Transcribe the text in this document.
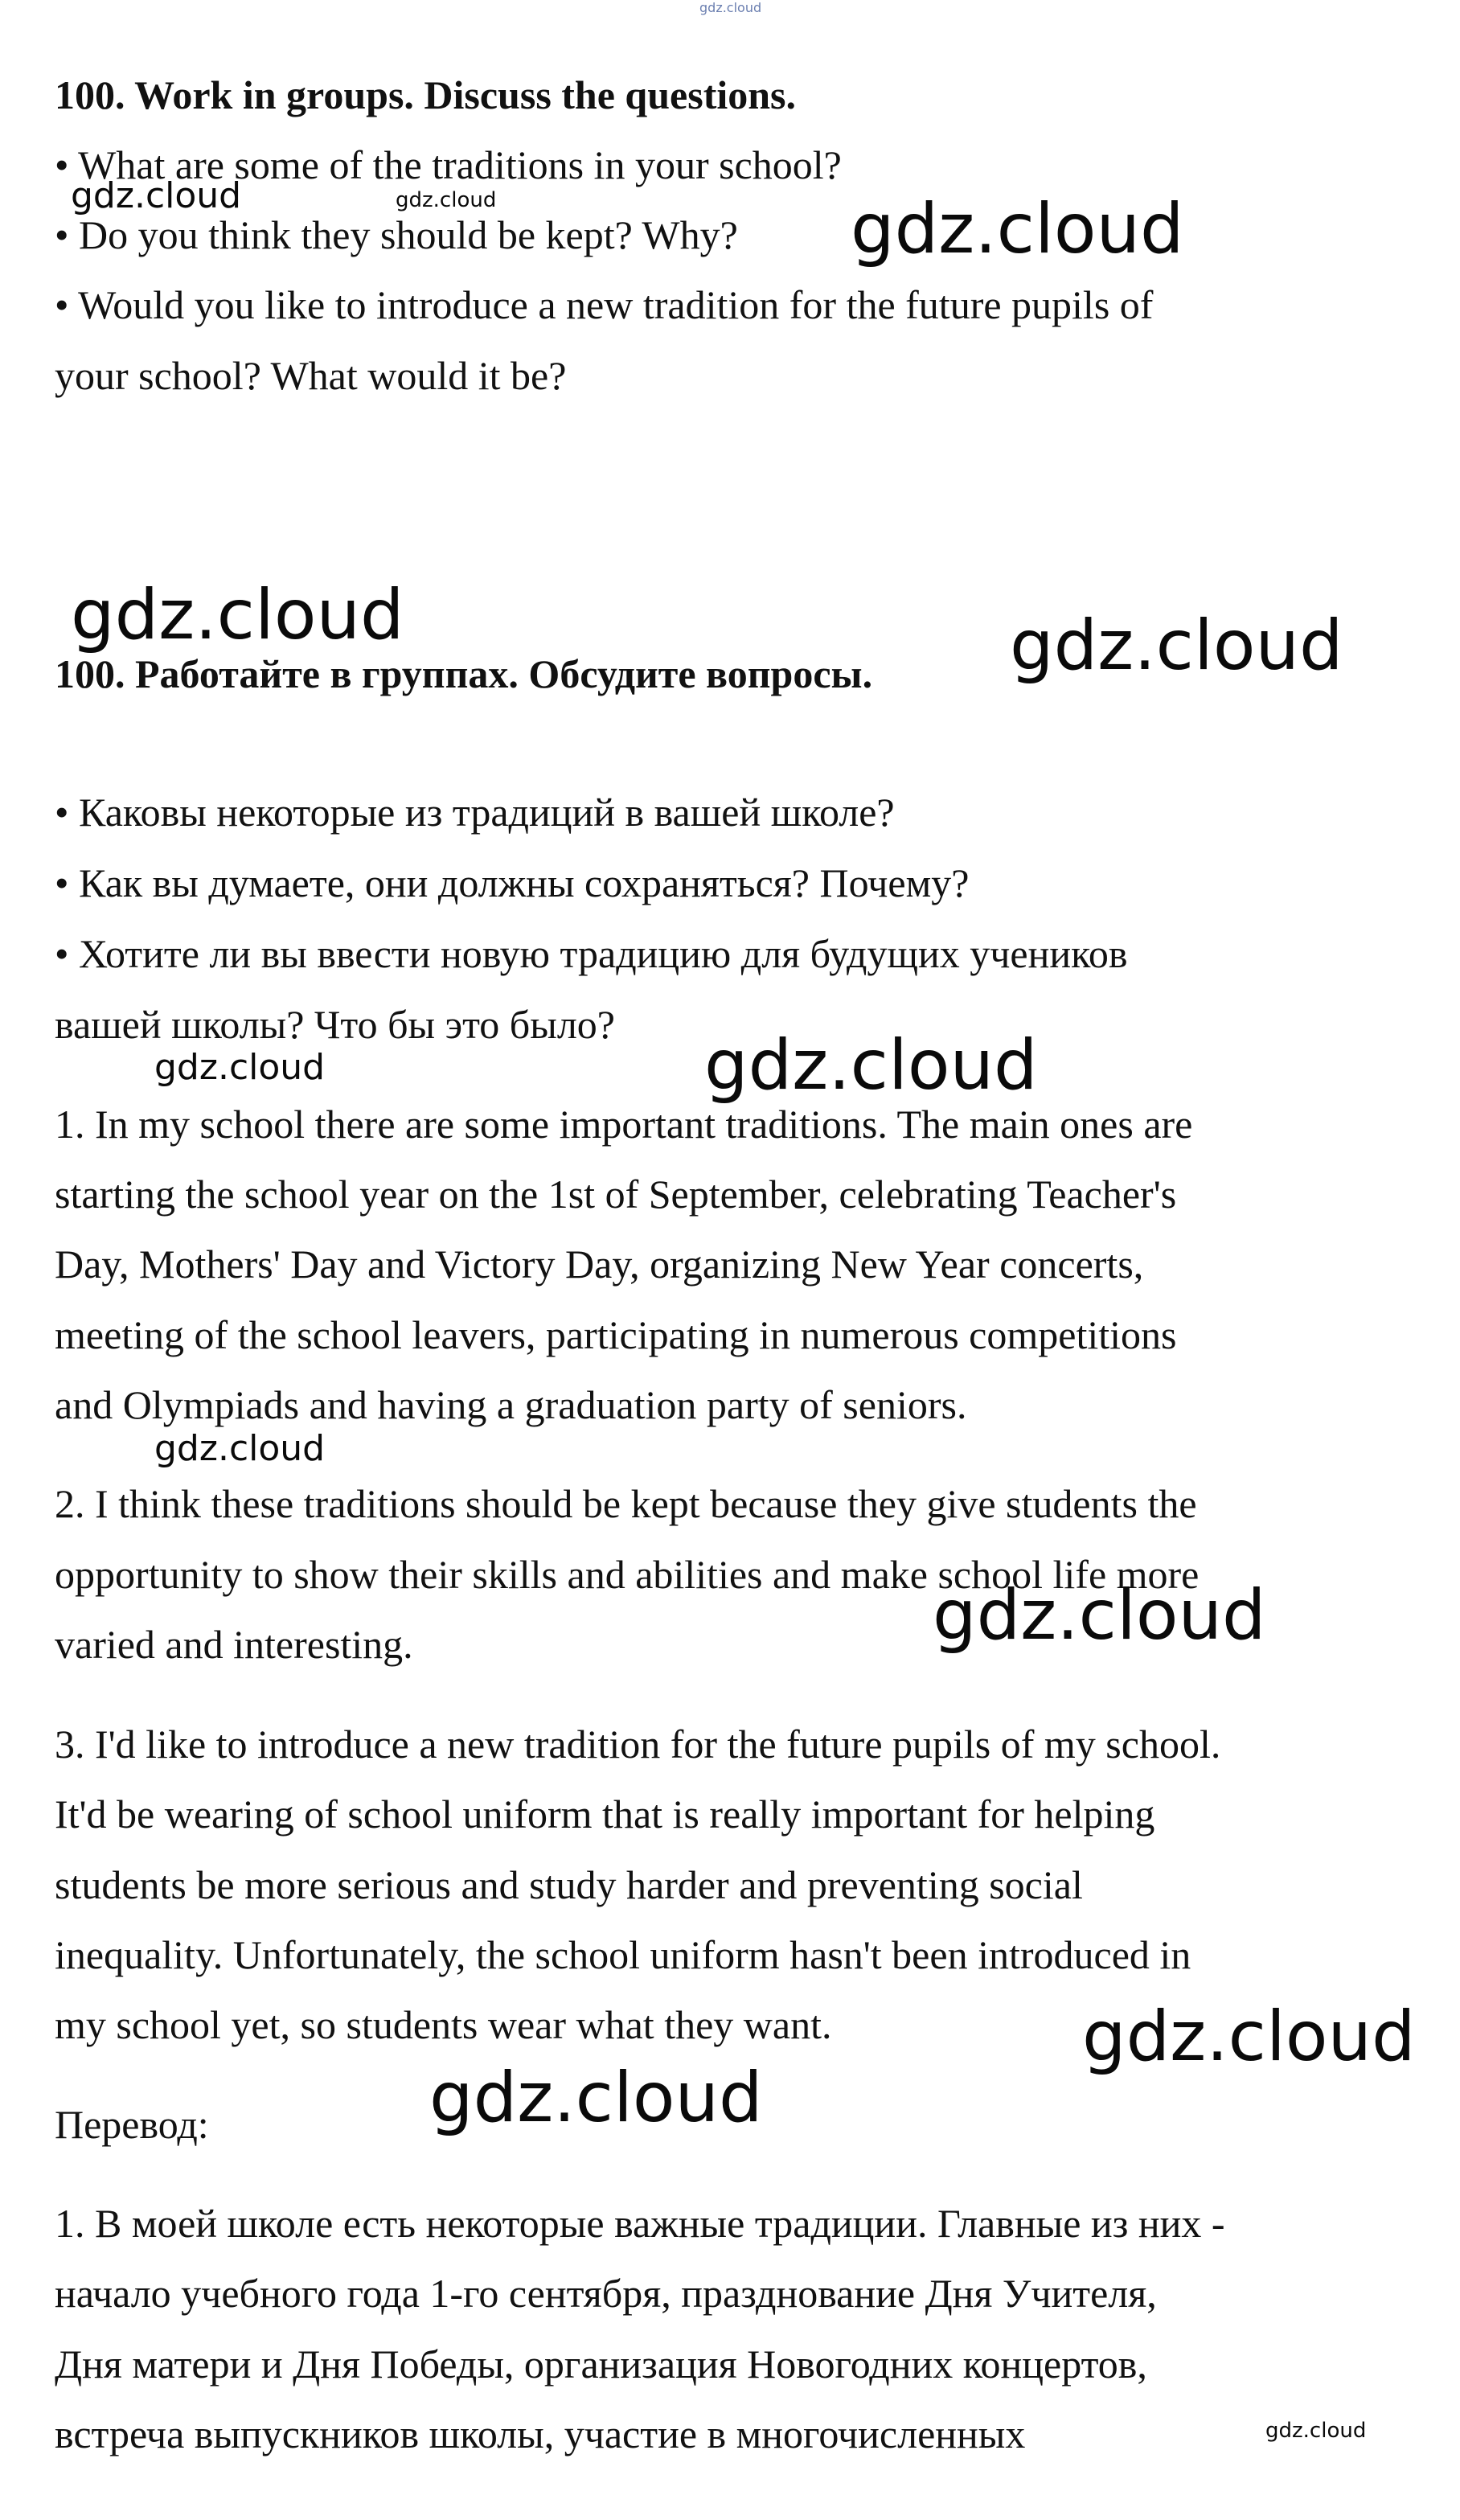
100. Work in groups. Discuss the questions.
• What are some of the traditions in your school?
• Do you think they should be kept? Why?
• Would you like to introduce a new tradition for the future pupils of
your school? What would it be?
100. Работайте в группах. Обсудите вопросы.
• Каковы некоторые из традиций в вашей школе?
• Как вы думаете, они должны сохраняться? Почему?
• Хотите ли вы ввести новую традицию для будущих учеников
вашей школы? Что бы это было?
1. In my school there are some important traditions. The main ones are
starting the school year on the 1st of September, celebrating Teacher's
Day, Mothers' Day and Victory Day, organizing New Year concerts,
meeting of the school leavers, participating in numerous competitions
and Olympiads and having a graduation party of seniors.
2. I think these traditions should be kept because they give students the
opportunity to show their skills and abilities and make school life more
varied and interesting.
3. I'd like to introduce a new tradition for the future pupils of my school.
It'd be wearing of school uniform that is really important for helping
students be more serious and study harder and preventing social
inequality. Unfortunately, the school uniform hasn't been introduced in
my school yet, so students wear what they want.
Перевод:
1. В моей школе есть некоторые важные традиции. Главные из них -
начало учебного года 1-го сентября, празднование Дня Учителя,
Дня матери и Дня Победы, организация Новогодних концертов,
встреча выпускников школы, участие в многочисленных
gdz.cloud
gdz.cloud	gdz.cloud	gdz.cloud
gdz.cloud	gdz.cloud
gdz.cloud	gdz.cloud
gdz.cloud
gdz.cloud
gdz.cloud
gdz.cloud
gdz.cloud
